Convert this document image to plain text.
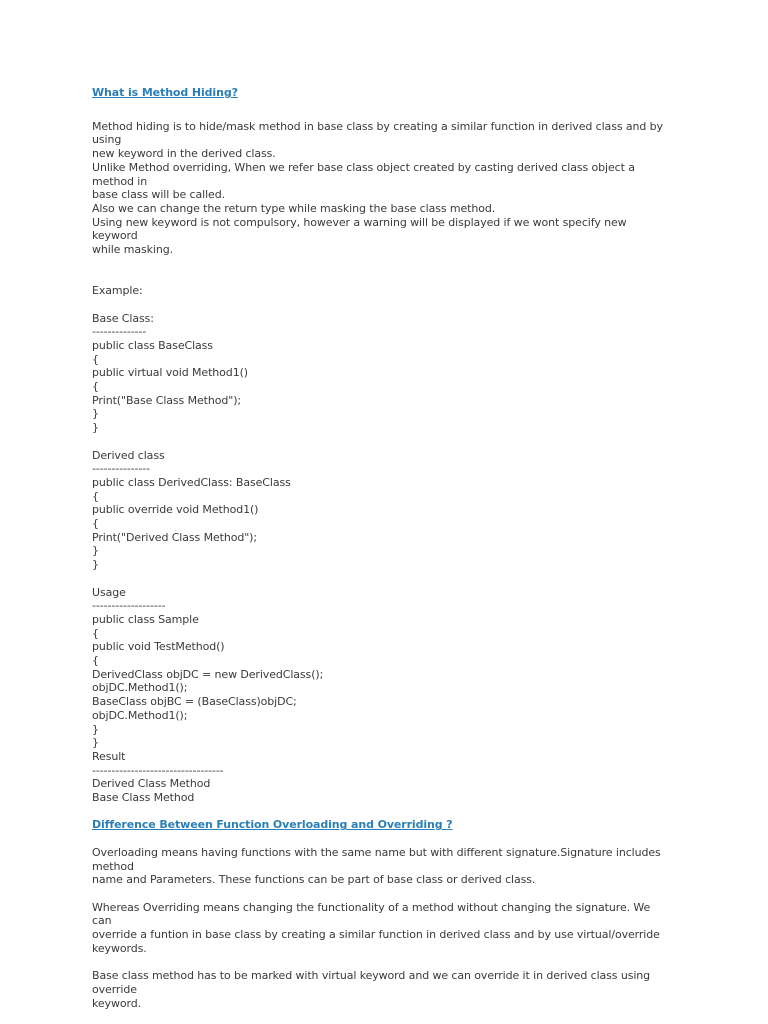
What is Method Hiding?
Method hiding is to hide/mask method in base class by creating a similar function in derived class and by using
new keyword in the derived class.
Unlike Method overriding, When we refer base class object created by casting derived class object a method in
base class will be called.
Also we can change the return type while masking the base class method.
Using new keyword is not compulsory, however a warning will be displayed if we wont specify new keyword
while masking.
Example:
Base Class:
--------------
public class BaseClass
{
public virtual void Method1()
{
Print("Base Class Method");
}
}
Derived class
---------------
public class DerivedClass: BaseClass
{
public override void Method1()
{
Print("Derived Class Method");
}
}
Usage
-------------------
public class Sample
{
public void TestMethod()
{
DerivedClass objDC = new DerivedClass();
objDC.Method1();
BaseClass objBC = (BaseClass)objDC;
objDC.Method1();
}
}
Result
----------------------------------
Derived Class Method
Base Class Method
Difference Between Function Overloading and Overriding ?
Overloading means having functions with the same name but with different signature.Signature includes method
name and Parameters. These functions can be part of base class or derived class.
Whereas Overriding means changing the functionality of a method without changing the signature. We can
override a funtion in base class by creating a similar function in derived class and by use virtual/override
keywords.
Base class method has to be marked with virtual keyword and we can override it in derived class using override
keyword.
